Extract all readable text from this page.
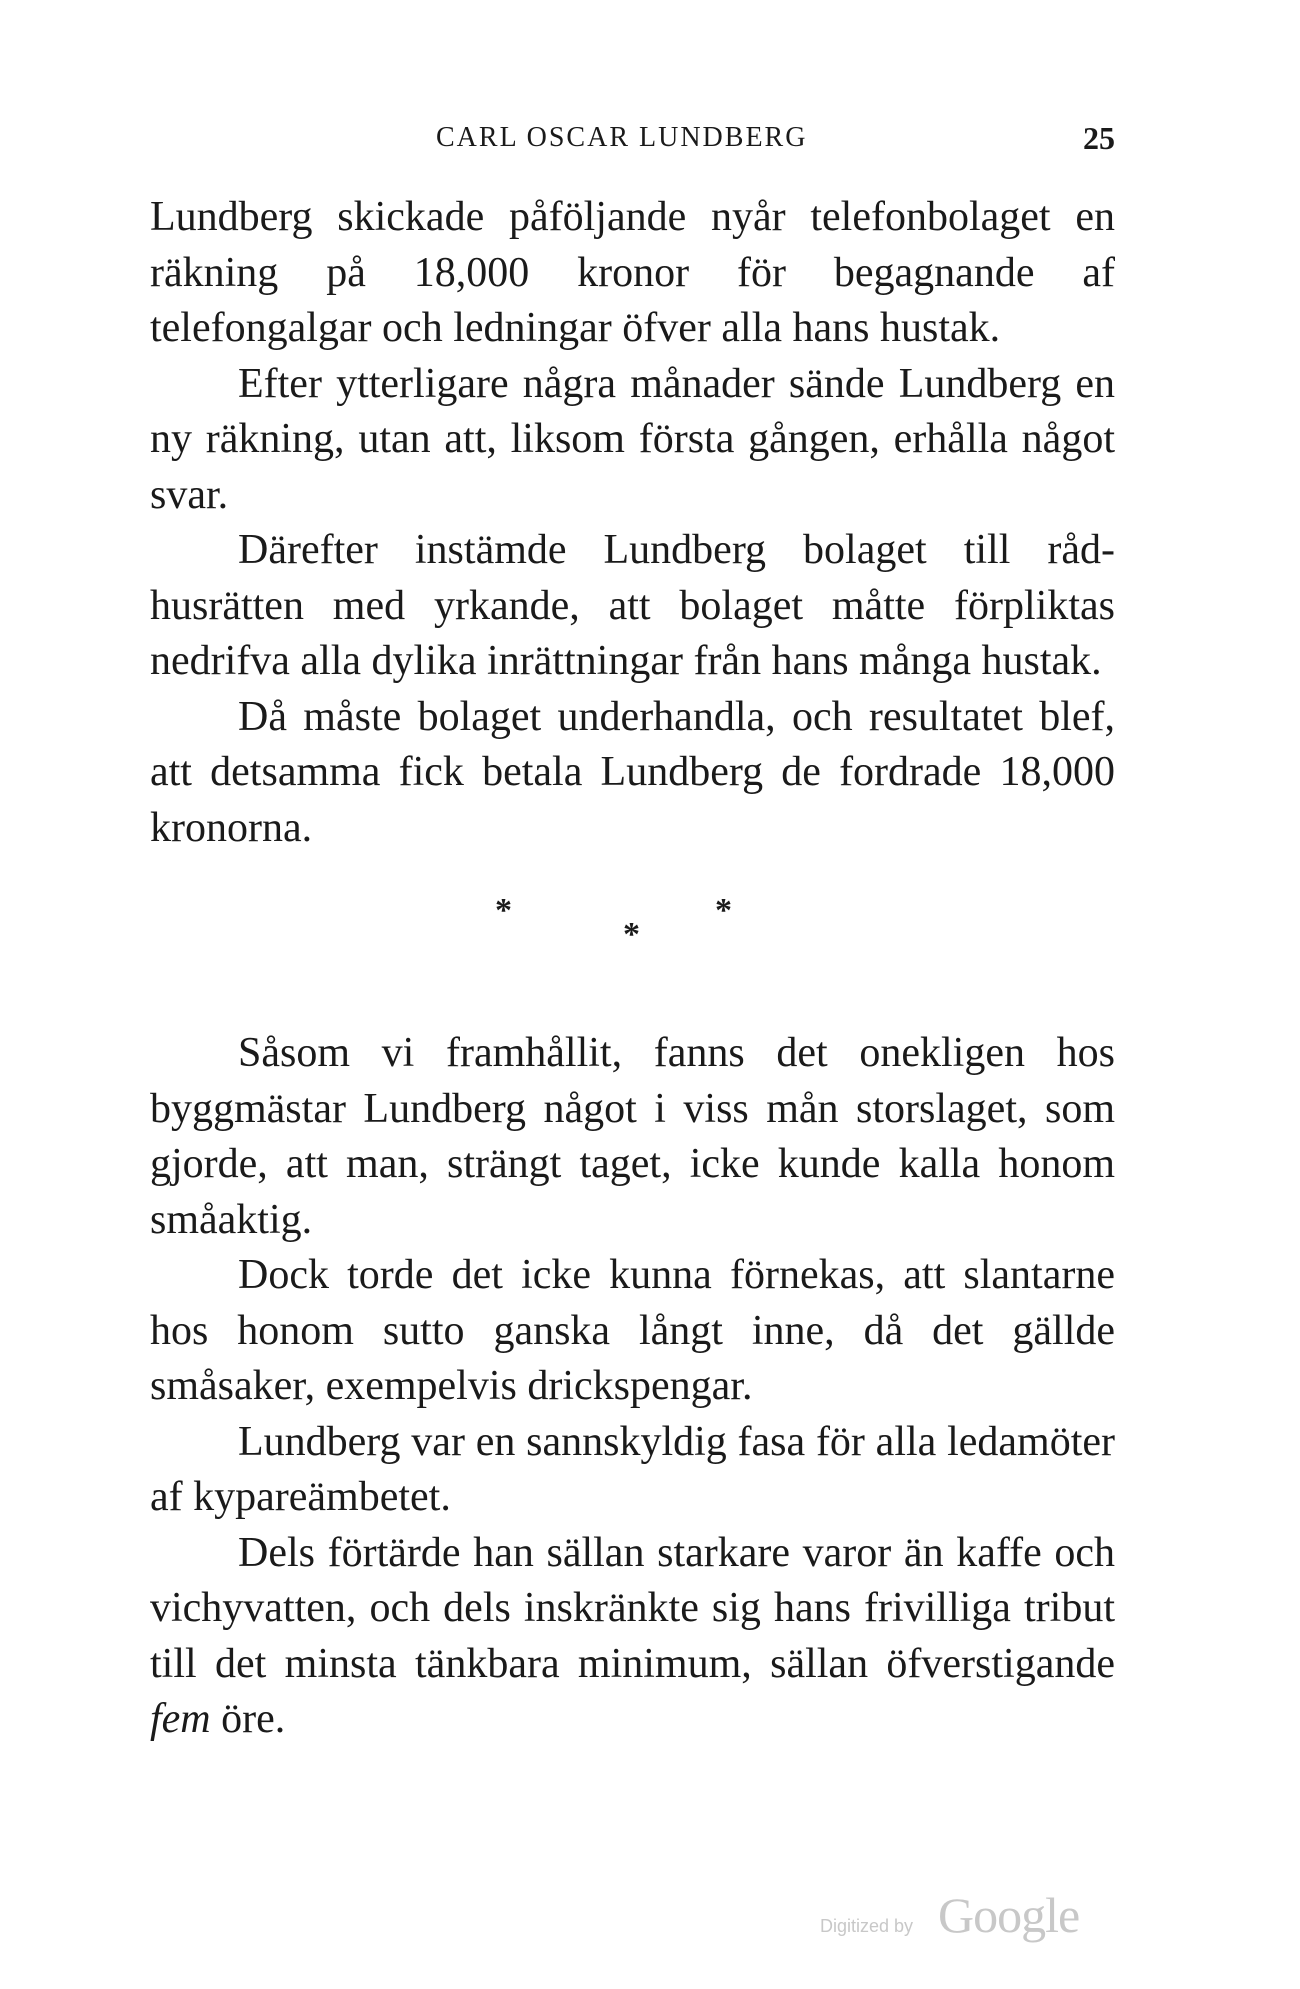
CARL OSCAR LUNDBERG	25

Lundberg skickade påföljande nyår telefonbolaget en räkning på 18,000 kronor för begagnande af telefongalgar och ledningar öfver alla hans hustak.

Efter ytterligare några månader sände Lundberg en ny räkning, utan att, liksom första gången, erhålla något svar.

Därefter instämde Lundberg bolaget till rådhusrätten med yrkande, att bolaget måtte förpliktas nedrifva alla dylika inrättningar från hans många hustak.

Då måste bolaget underhandla, och resultatet blef, att detsamma fick betala Lundberg de fordrade 18,000 kronorna.

*
*
*

Såsom vi framhållit, fanns det onekligen hos byggmästar Lundberg något i viss mån storslaget, som gjorde, att man, strängt taget, icke kunde kalla honom småaktig.

Dock torde det icke kunna förnekas, att slantarne hos honom sutto ganska långt inne, då det gällde småsaker, exempelvis drickspengar.

Lundberg var en sannskyldig fasa för alla ledamöter af kypareämbetet.

Dels förtärde han sällan starkare varor än kaffe och vichyvatten, och dels inskränkte sig hans frivilliga tribut till det minsta tänkbara minimum, sällan öfverstigande fem öre.

Digitized by Google
